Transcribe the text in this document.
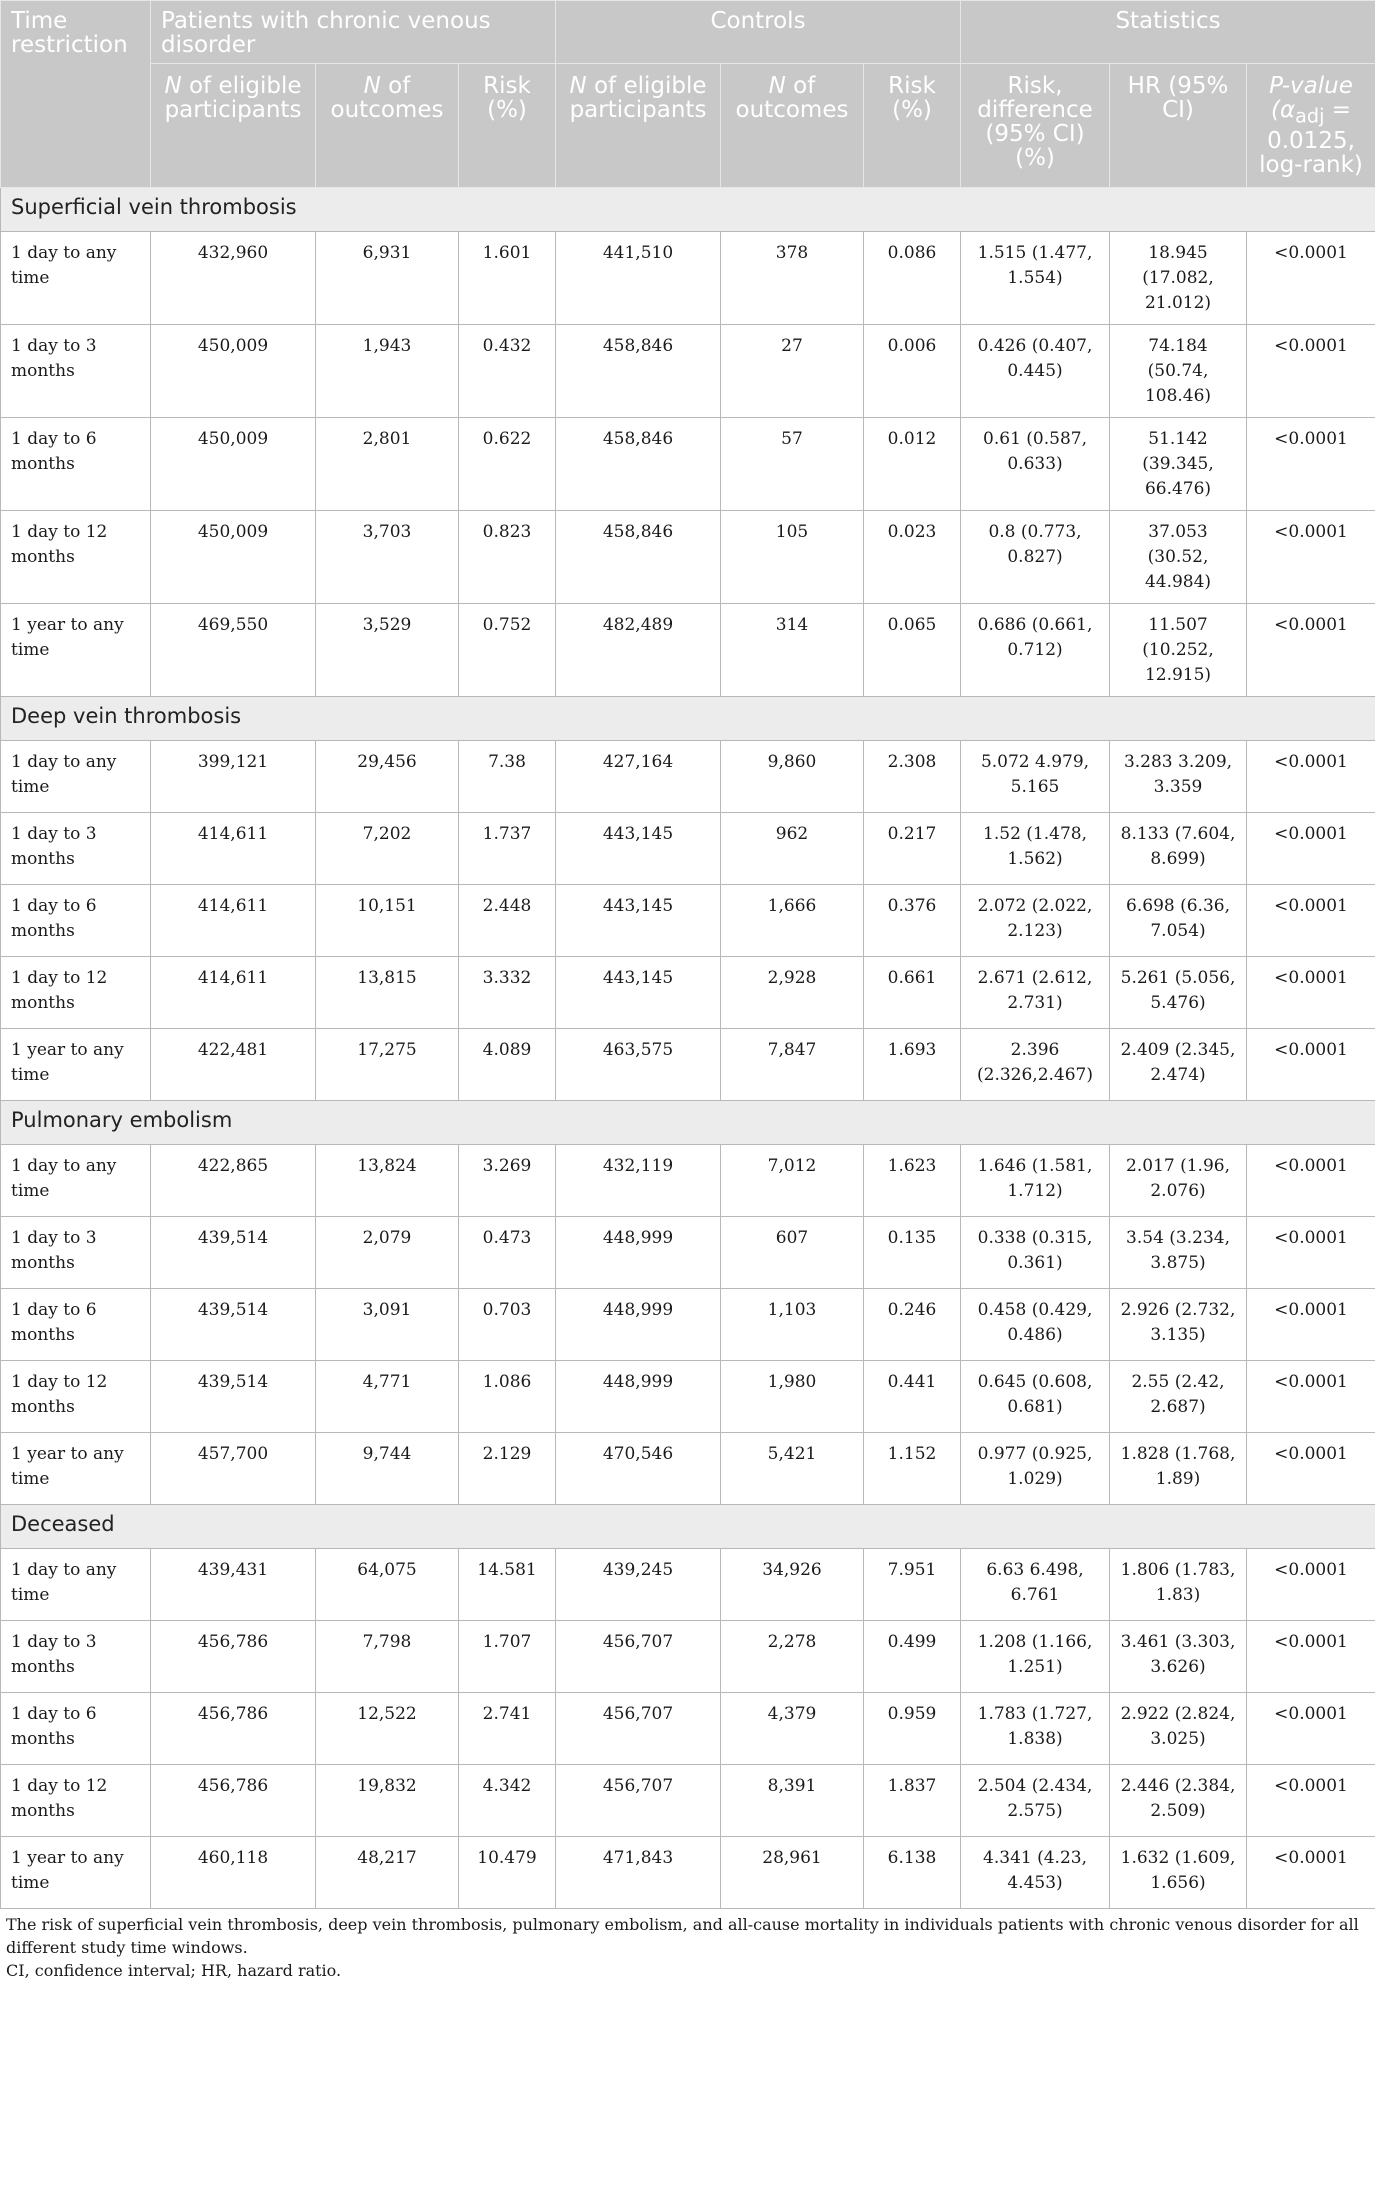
Time restriction	Patients with chronic venous disorder			Controls			Statistics		
	N of eligible participants	N of outcomes	Risk (%)	N of eligible participants	N of outcomes	Risk (%)	Risk, difference (95% CI) (%)	HR (95% CI)	P-value ($\alpha_{adj} = 0.0125$, log-rank)
Superficial vein thrombosis									
1 day to any time	432,960	6,931	1.601	441,510	378	0.086	1.515 (1.477, 1.554)	18.945 (17.082, 21.012)	<0.0001
1 day to 3 months	450,009	1,943	0.432	458,846	27	0.006	0.426 (0.407, 0.445)	74.184 (50.74, 108.46)	<0.0001
1 day to 6 months	450,009	2,801	0.622	458,846	57	0.012	0.61 (0.587, 0.633)	51.142 (39.345, 66.476)	<0.0001
1 day to 12 months	450,009	3,703	0.823	458,846	105	0.023	0.8 (0.773, 0.827)	37.053 (30.52, 44.984)	<0.0001
1 year to any time	469,550	3,529	0.752	482,489	314	0.065	0.686 (0.661, 0.712)	11.507 (10.252, 12.915)	<0.0001
Deep vein thrombosis									
1 day to any time	399,121	29,456	7.38	427,164	9,860	2.308	5.072 4.979, 5.165	3.283 3.209, 3.359	<0.0001
1 day to 3 months	414,611	7,202	1.737	443,145	962	0.217	1.52 (1.478, 1.562)	8.133 (7.604, 8.699)	<0.0001
1 day to 6 months	414,611	10,151	2.448	443,145	1,666	0.376	2.072 (2.022, 2.123)	6.698 (6.36, 7.054)	<0.0001
1 day to 12 months	414,611	13,815	3.332	443,145	2,928	0.661	2.671 (2.612, 2.731)	5.261 (5.056, 5.476)	<0.0001
1 year to any time	422,481	17,275	4.089	463,575	7,847	1.693	2.396 (2.326,2.467)	2.409 (2.345, 2.474)	<0.0001
Pulmonary embolism									
1 day to any time	422,865	13,824	3.269	432,119	7,012	1.623	1.646 (1.581, 1.712)	2.017 (1.96, 2.076)	<0.0001
1 day to 3 months	439,514	2,079	0.473	448,999	607	0.135	0.338 (0.315, 0.361)	3.54 (3.234, 3.875)	<0.0001
1 day to 6 months	439,514	3,091	0.703	448,999	1,103	0.246	0.458 (0.429, 0.486)	2.926 (2.732, 3.135)	<0.0001
1 day to 12 months	439,514	4,771	1.086	448,999	1,980	0.441	0.645 (0.608, 0.681)	2.55 (2.42, 2.687)	<0.0001
1 year to any time	457,700	9,744	2.129	470,546	5,421	1.152	0.977 (0.925, 1.029)	1.828 (1.768, 1.89)	<0.0001
Deceased									
1 day to any time	439,431	64,075	14.581	439,245	34,926	7.951	6.63 6.498, 6.761	1.806 (1.783, 1.83)	<0.0001
1 day to 3 months	456,786	7,798	1.707	456,707	2,278	0.499	1.208 (1.166, 1.251)	3.461 (3.303, 3.626)	<0.0001
1 day to 6 months	456,786	12,522	2.741	456,707	4,379	0.959	1.783 (1.727, 1.838)	2.922 (2.824, 3.025)	<0.0001
1 day to 12 months	456,786	19,832	4.342	456,707	8,391	1.837	2.504 (2.434, 2.575)	2.446 (2.384, 2.509)	<0.0001
1 year to any time	460,118	48,217	10.479	471,843	28,961	6.138	4.341 (4.23, 4.453)	1.632 (1.609, 1.656)	<0.0001

The risk of superficial vein thrombosis, deep vein thrombosis, pulmonary embolism, and all-cause mortality in individuals patients with chronic venous disorder for all different study time windows.

CI, confidence interval; HR, hazard ratio.
